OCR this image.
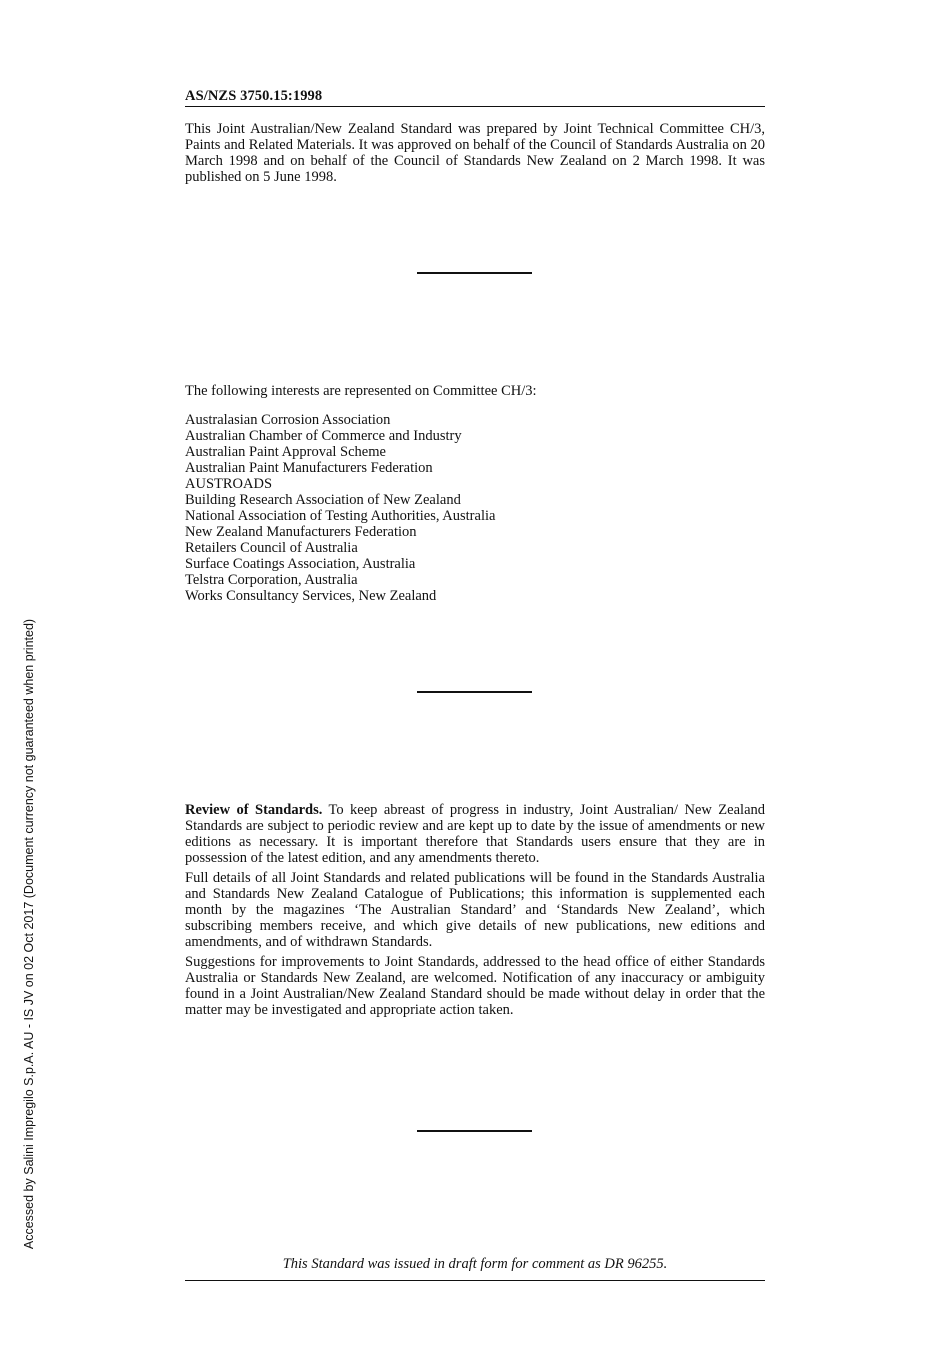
AS/NZS 3750.15:1998

This Joint Australian/New Zealand Standard was prepared by Joint Technical Committee CH/3, Paints and Related Materials. It was approved on behalf of the Council of Standards Australia on 20 March 1998 and on behalf of the Council of Standards New Zealand on 2 March 1998. It was published on 5 June 1998.

The following interests are represented on Committee CH/3:
Australasian Corrosion Association
Australian Chamber of Commerce and Industry
Australian Paint Approval Scheme
Australian Paint Manufacturers Federation
AUSTROADS
Building Research Association of New Zealand
National Association of Testing Authorities, Australia
New Zealand Manufacturers Federation
Retailers Council of Australia
Surface Coatings Association, Australia
Telstra Corporation, Australia
Works Consultancy Services, New Zealand

Review of Standards. To keep abreast of progress in industry, Joint Australian/ New Zealand Standards are subject to periodic review and are kept up to date by the issue of amendments or new editions as necessary. It is important therefore that Standards users ensure that they are in possession of the latest edition, and any amendments thereto.

Full details of all Joint Standards and related publications will be found in the Standards Australia and Standards New Zealand Catalogue of Publications; this information is supplemented each month by the magazines ‘The Australian Standard’ and ‘Standards New Zealand’, which subscribing members receive, and which give details of new publications, new editions and amendments, and of withdrawn Standards.

Suggestions for improvements to Joint Standards, addressed to the head office of either Standards Australia or Standards New Zealand, are welcomed. Notification of any inaccuracy or ambiguity found in a Joint Australian/New Zealand Standard should be made without delay in order that the matter may be investigated and appropriate action taken.

This Standard was issued in draft form for comment as DR 96255.
Accessed by Salini Impregilo S.p.A. AU - IS JV on 02 Oct 2017 (Document currency not guaranteed when printed)
